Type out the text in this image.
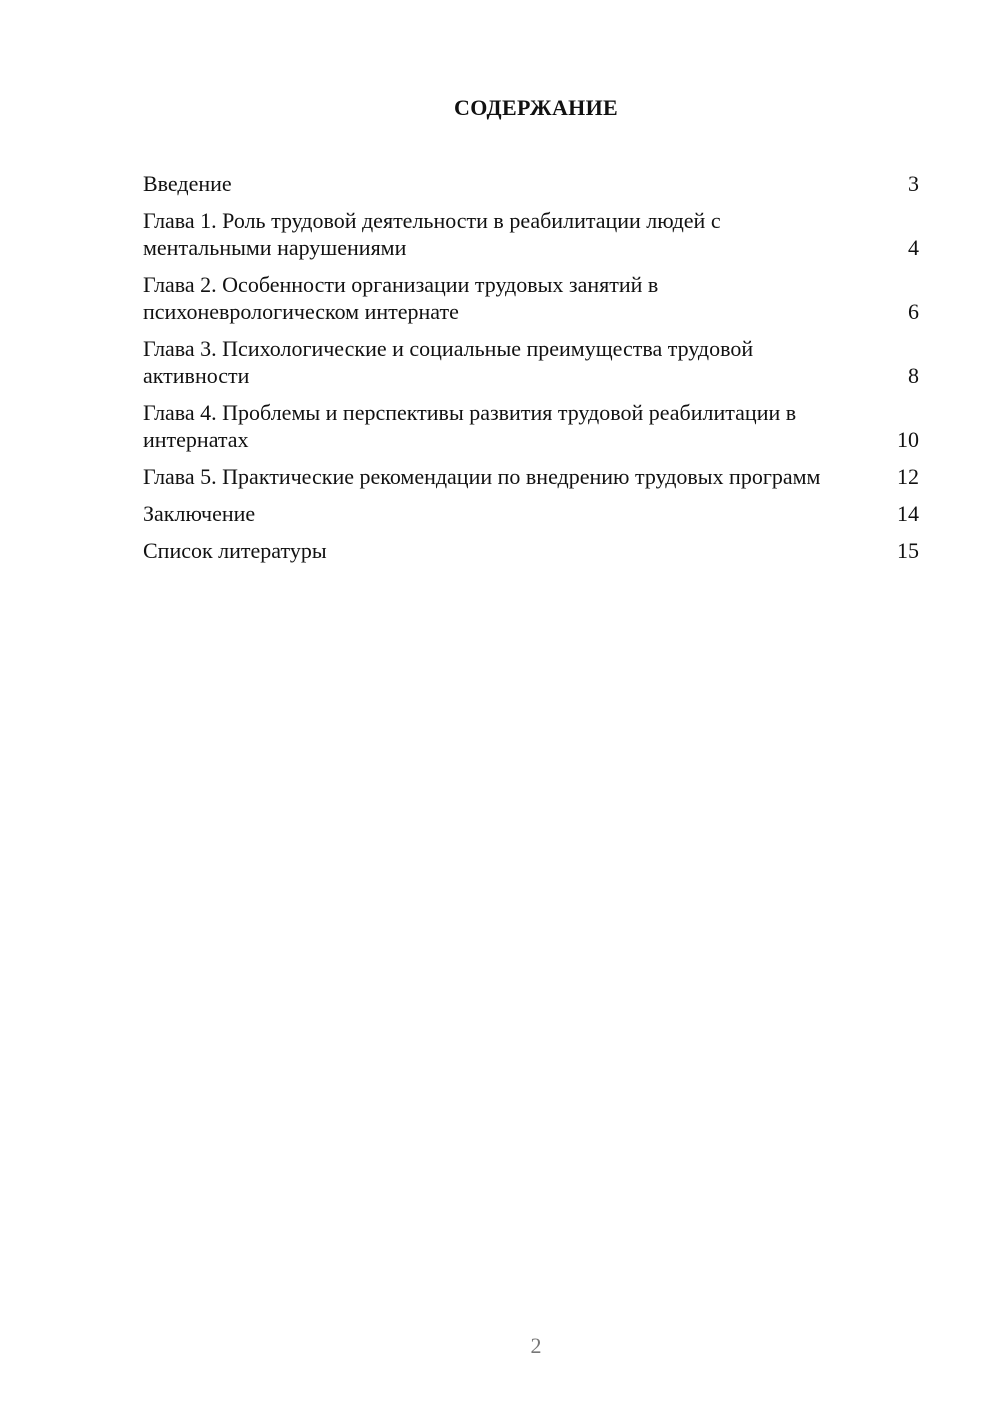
СОДЕРЖАНИЕ
Введение	3
Глава 1. Роль трудовой деятельности в реабилитации людей с ментальными нарушениями	4
Глава 2. Особенности организации трудовых занятий в психоневрологическом интернате	6
Глава 3. Психологические и социальные преимущества трудовой активности	8
Глава 4. Проблемы и перспективы развития трудовой реабилитации в интернатах	10
Глава 5. Практические рекомендации по внедрению трудовых программ	12
Заключение	14
Список литературы	15
2
